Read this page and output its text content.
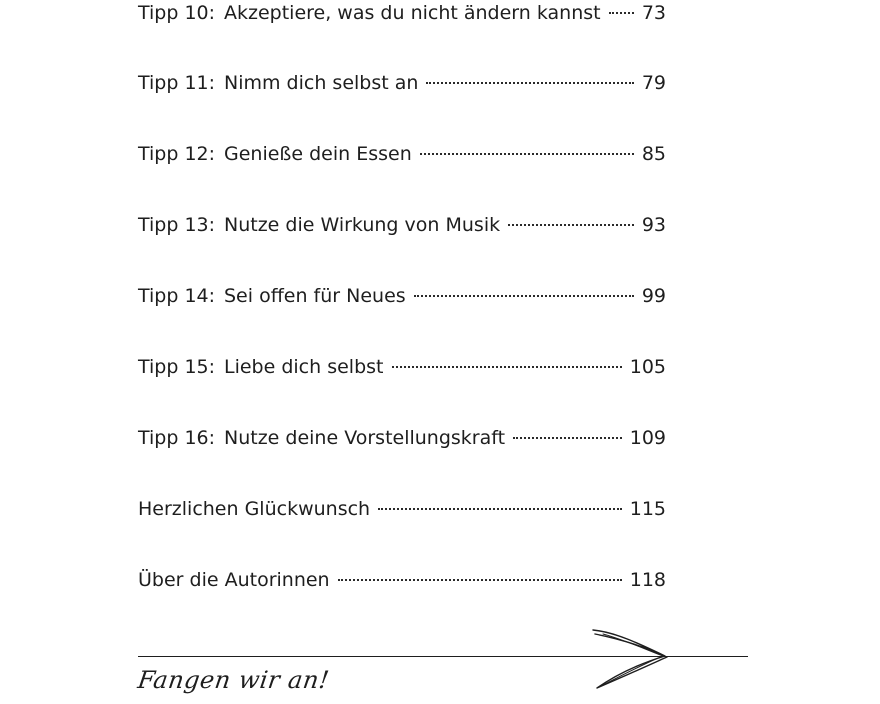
Tipp 10: Akzeptiere, was du nicht ändern kannst 73
Tipp 11: Nimm dich selbst an	79
Tipp 12: Genieße dein Essen	85
Tipp 13: Nutze die Wirkung von Musik	93
Tipp 14: Sei offen für Neues	99
Tipp 15: Liebe dich selbst	105
Tipp 16: Nutze deine Vorstellungskraft	109
Herzlichen Glückwunsch	115
Über die Autorinnen	118
Fangen wir an!
